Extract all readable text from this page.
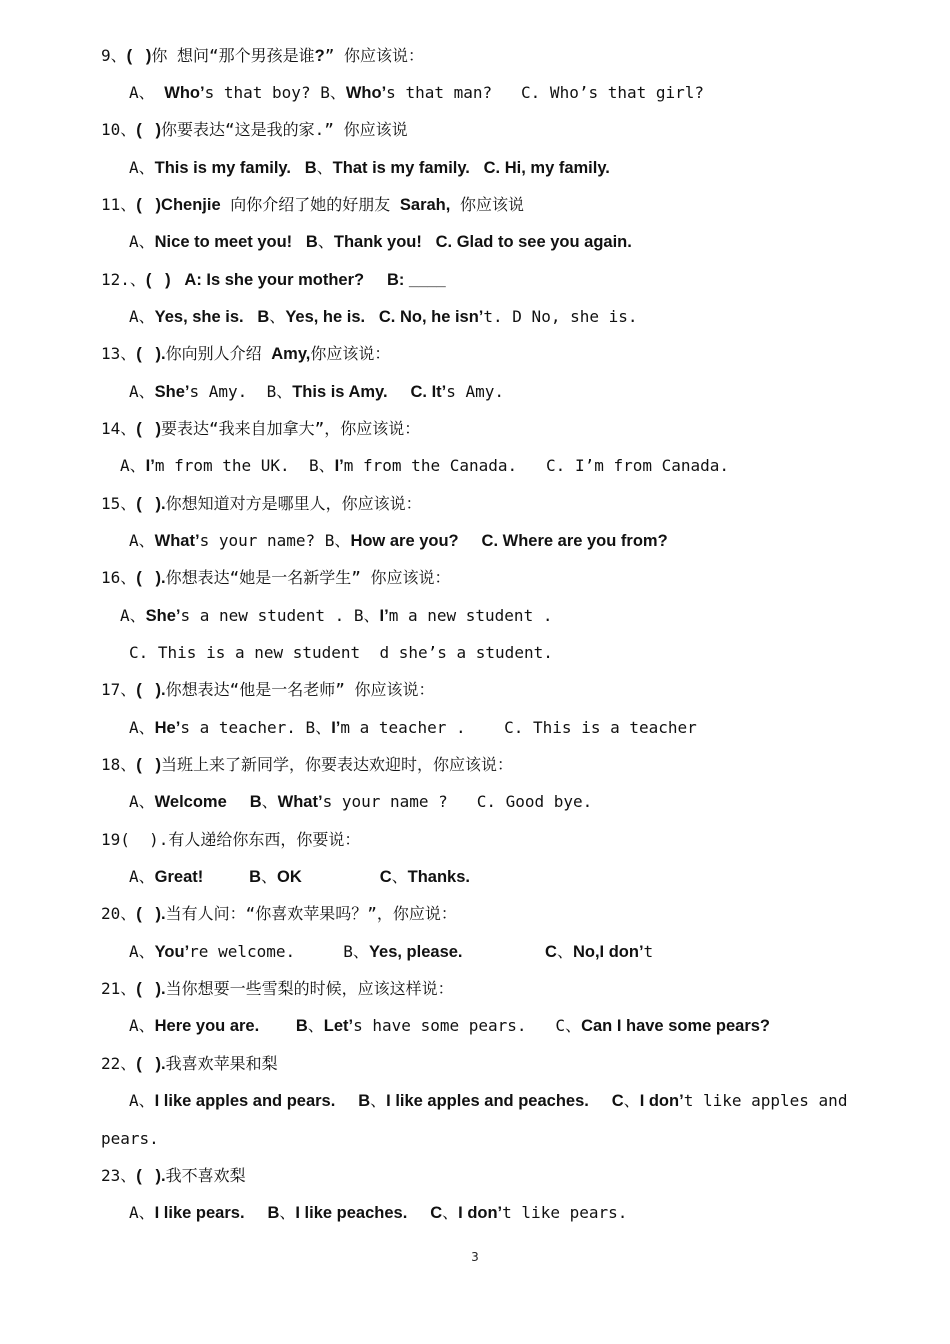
9、(   )你 想问“那个男孩是谁?” 你应该说：
A、 Who’s that boy? B、Who’s that man?   C. Who’s that girl?
10、(   )你要表达“这是我的家.” 你应该说
A、This is my family.   B、That is my family.   C. Hi, my family.
11、(   )Chenjie 向你介绍了她的好朋友 Sarah, 你应该说
A、Nice to meet you!   B、Thank you!   C. Glad to see you again.
12.、(   )   A: Is she your mother?     B: ____
A、Yes, she is.   B、Yes, he is.   C. No, he isn’t. D No, she is.
13、(   ).你向别人介绍 Amy,你应该说：
A、She’s Amy.  B、This is Amy.     C. It’s Amy.
14、(   )要表达“我来自加拿大”，你应该说：
A、I’m from the UK.  B、I’m from the Canada.   C. I’m from Canada.
15、(   ).你想知道对方是哪里人，你应该说：
A、What’s your name? B、How are you?     C. Where are you from?
16、(   ).你想表达“她是一名新学生” 你应该说：
A、She’s a new student . B、I’m a new student .
C. This is a new student  d she’s a student.
17、(   ).你想表达“他是一名老师” 你应该说：
A、He’s a teacher. B、I’m a teacher .    C. This is a teacher
18、(   )当班上来了新同学，你要表达欢迎时，你应该说：
A、Welcome     B、What’s your name ?   C. Good bye.
19(  ).有人递给你东西，你要说：
A、Great!          B、OK                 C、Thanks.
20、(   ).当有人问：“你喜欢苹果吗？”，你应说：
A、You’re welcome.     B、Yes, please.                  C、No,I don’t
21、(   ).当你想要一些雪梨的时候，应该这样说：
A、Here you are.        B、Let’s have some pears.   C、Can I have some pears?
22、(   ).我喜欢苹果和梨
A、I like apples and pears.     B、I like apples and peaches.     C、I don’t like apples and
pears.
23、(   ).我不喜欢梨
A、I like pears.     B、I like peaches.     C、I don’t like pears.
3
